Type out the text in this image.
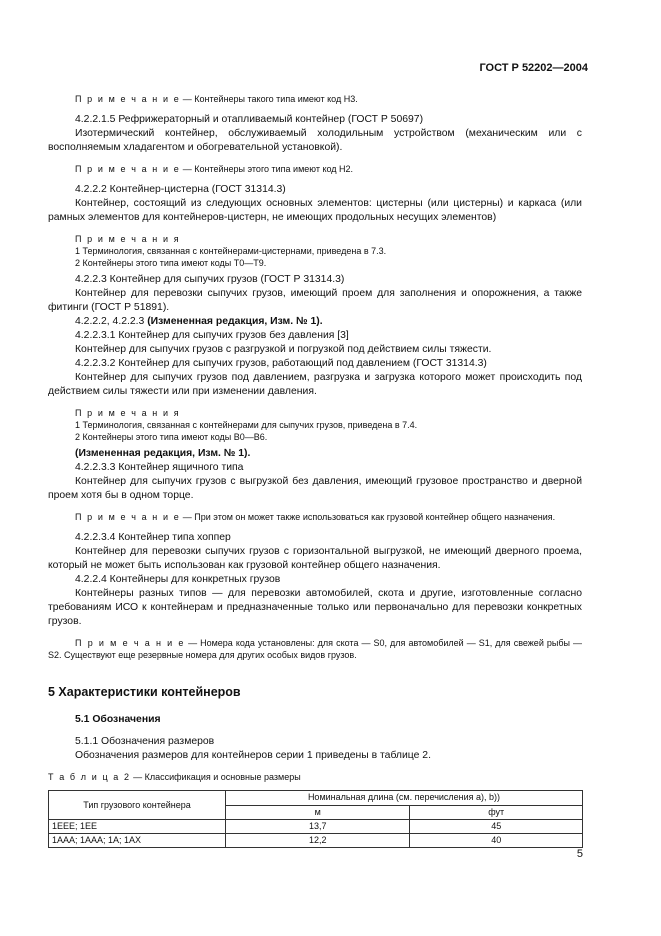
ГОСТ Р 52202—2004

П р и м е ч а н и е — Контейнеры такого типа имеют код Н3.

4.2.2.1.5 Рефрижераторный и отапливаемый контейнер (ГОСТ Р 50697)

Изотермический контейнер, обслуживаемый холодильным устройством (механическим или с восполняемым хладагентом и обогревательной установкой).

П р и м е ч а н и е — Контейнеры этого типа имеют код Н2.

4.2.2.2 Контейнер-цистерна (ГОСТ 31314.3)

Контейнер, состоящий из следующих основных элементов: цистерны (или цистерны) и каркаса (или рамных элементов для контейнеров-цистерн, не имеющих продольных несущих элементов)

П р и м е ч а н и я

1 Терминология, связанная с контейнерами-цистернами, приведена в 7.3.

2 Контейнеры этого типа имеют коды Т0—Т9.

4.2.2.3 Контейнер для сыпучих грузов (ГОСТ Р 31314.3)

Контейнер для перевозки сыпучих грузов, имеющий проем для заполнения и опорожнения, а также фитинги (ГОСТ Р 51891).

4.2.2.2, 4.2.2.3 (Измененная редакция, Изм. № 1).

4.2.2.3.1 Контейнер для сыпучих грузов без давления [3]

Контейнер для сыпучих грузов с разгрузкой и погрузкой под действием силы тяжести.

4.2.2.3.2 Контейнер для сыпучих грузов, работающий под давлением (ГОСТ 31314.3)

Контейнер для сыпучих грузов под давлением, разгрузка и загрузка которого может происходить под действием силы тяжести или при изменении давления.

П р и м е ч а н и я

1 Терминология, связанная с контейнерами для сыпучих грузов, приведена в 7.4.

2 Контейнеры этого типа имеют коды В0—В6.

(Измененная редакция, Изм. № 1).

4.2.2.3.3 Контейнер ящичного типа

Контейнер для сыпучих грузов с выгрузкой без давления, имеющий грузовое пространство и дверной проем хотя бы в одном торце.

П р и м е ч а н и е — При этом он может также использоваться как грузовой контейнер общего назначения.

4.2.2.3.4 Контейнер типа хоппер

Контейнер для перевозки сыпучих грузов с горизонтальной выгрузкой, не имеющий дверного проема, который не может быть использован как грузовой контейнер общего назначения.

4.2.2.4 Контейнеры для конкретных грузов

Контейнеры разных типов — для перевозки автомобилей, скота и другие, изготовленные согласно требованиям ИСО к контейнерам и предназначенные только или первоначально для перевозки конкретных грузов.

П р и м е ч а н и е — Номера кода установлены: для скота — S0, для автомобилей — S1, для свежей рыбы — S2. Существуют еще резервные номера для других особых видов грузов.

5 Характеристики контейнеров

5.1 Обозначения

5.1.1 Обозначения размеров

Обозначения размеров для контейнеров серии 1 приведены в таблице 2.

Т а б л и ц а 2 — Классификация и основные размеры

Тип грузового контейнера	Номинальная длина (см. перечисления а), b))	
	м	фут
1ЕЕЕ; 1ЕЕ	13,7	45
1ААА; 1ААА; 1А; 1АХ	12,2	40
5
